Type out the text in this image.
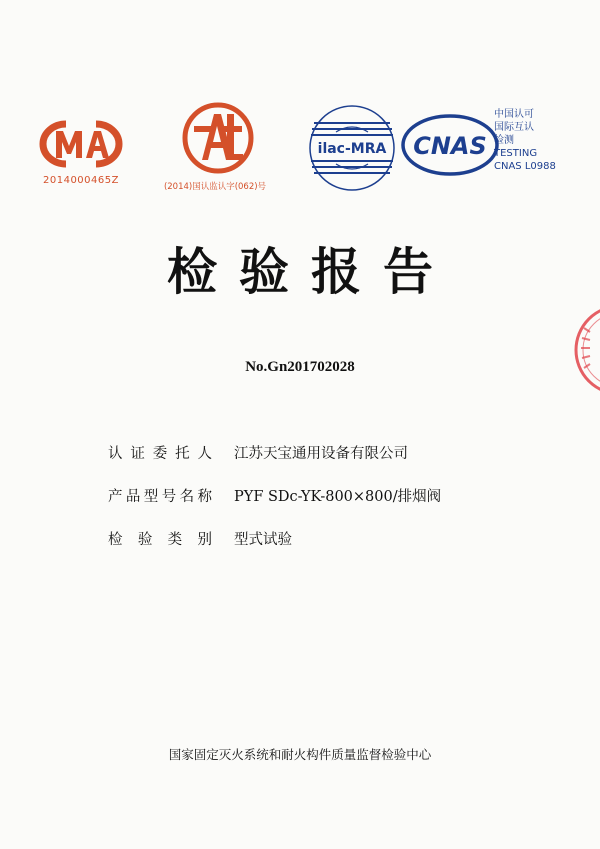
2014000465Z
(2014)国认监认字(062)号
ilac-MRA CNAS
中国认可
国际互认
检测
TESTING
CNAS L0988
检验报告
No.Gn201702028
认证委托人 江苏天宝通用设备有限公司
产品型号名称 PYF SDc-YK-800×800/排烟阀
检验类别 型式试验
国家固定灭火系统和耐火构件质量监督检验中心
